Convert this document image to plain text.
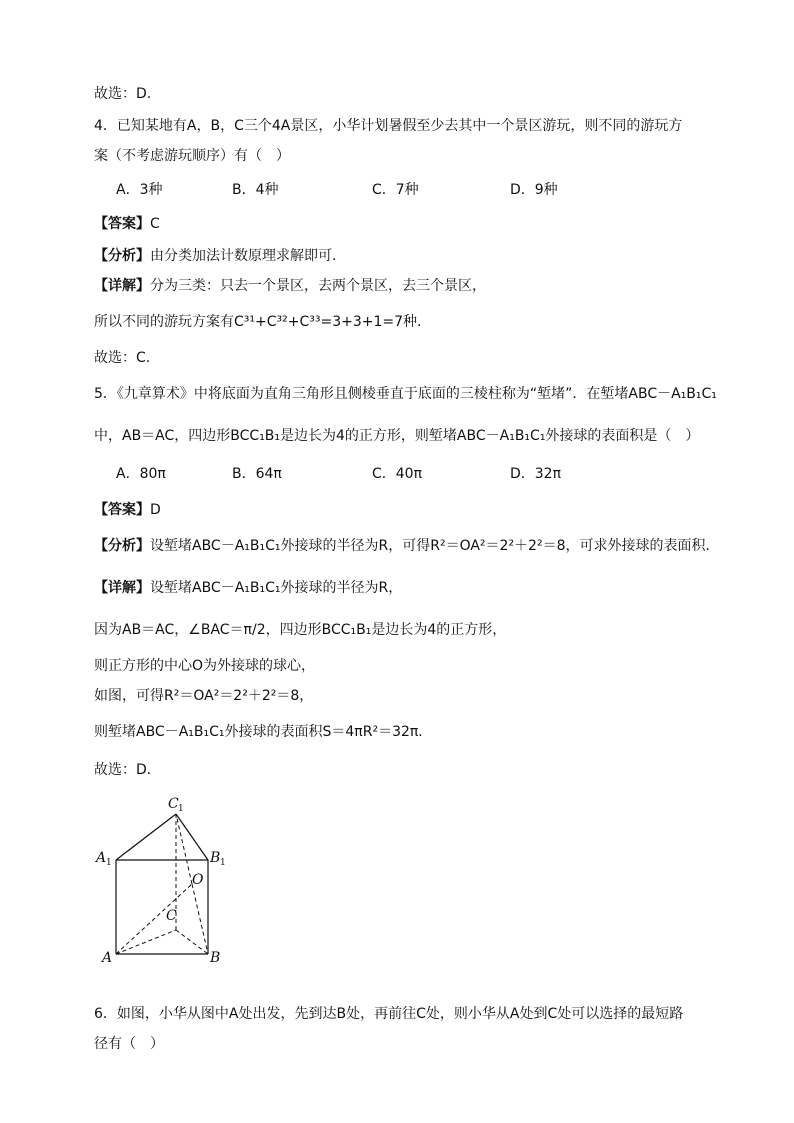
故选：D.
4．已知某地有A，B，C三个4A景区，小华计划暑假至少去其中一个景区游玩，则不同的游玩方
案（不考虑游玩顺序）有（　）
A．3种	B．4种	C．7种	D．9种
【答案】C
【分析】由分类加法计数原理求解即可.
【详解】分为三类：只去一个景区，去两个景区，去三个景区，
所以不同的游玩方案有C³¹+C³²+C³³=3+3+1=7种．
故选：C.
5．《九章算术》中将底面为直角三角形且侧棱垂直于底面的三棱柱称为“堑堵”．在堑堵ABC－A₁B₁C₁
中，AB＝AC，四边形BCC₁B₁是边长为4的正方形，则堑堵ABC－A₁B₁C₁外接球的表面积是（　）
A．80π	B．64π	C．40π	D．32π
【答案】D
【分析】设堑堵ABC－A₁B₁C₁外接球的半径为R，可得R²＝OA²＝2²＋2²＝8，可求外接球的表面积．
【详解】设堑堵ABC－A₁B₁C₁外接球的半径为R，
因为AB＝AC，∠BAC＝π/2，四边形BCC₁B₁是边长为4的正方形，
则正方形的中心O为外接球的球心，
如图，可得R²＝OA²＝2²＋2²＝8，
则堑堵ABC－A₁B₁C₁外接球的表面积S＝4πR²＝32π．
故选：D．
C 1
A 1	B 1
O
C
A	B
6．如图，小华从图中A处出发，先到达B处，再前往C处，则小华从A处到C处可以选择的最短路
径有（　）
